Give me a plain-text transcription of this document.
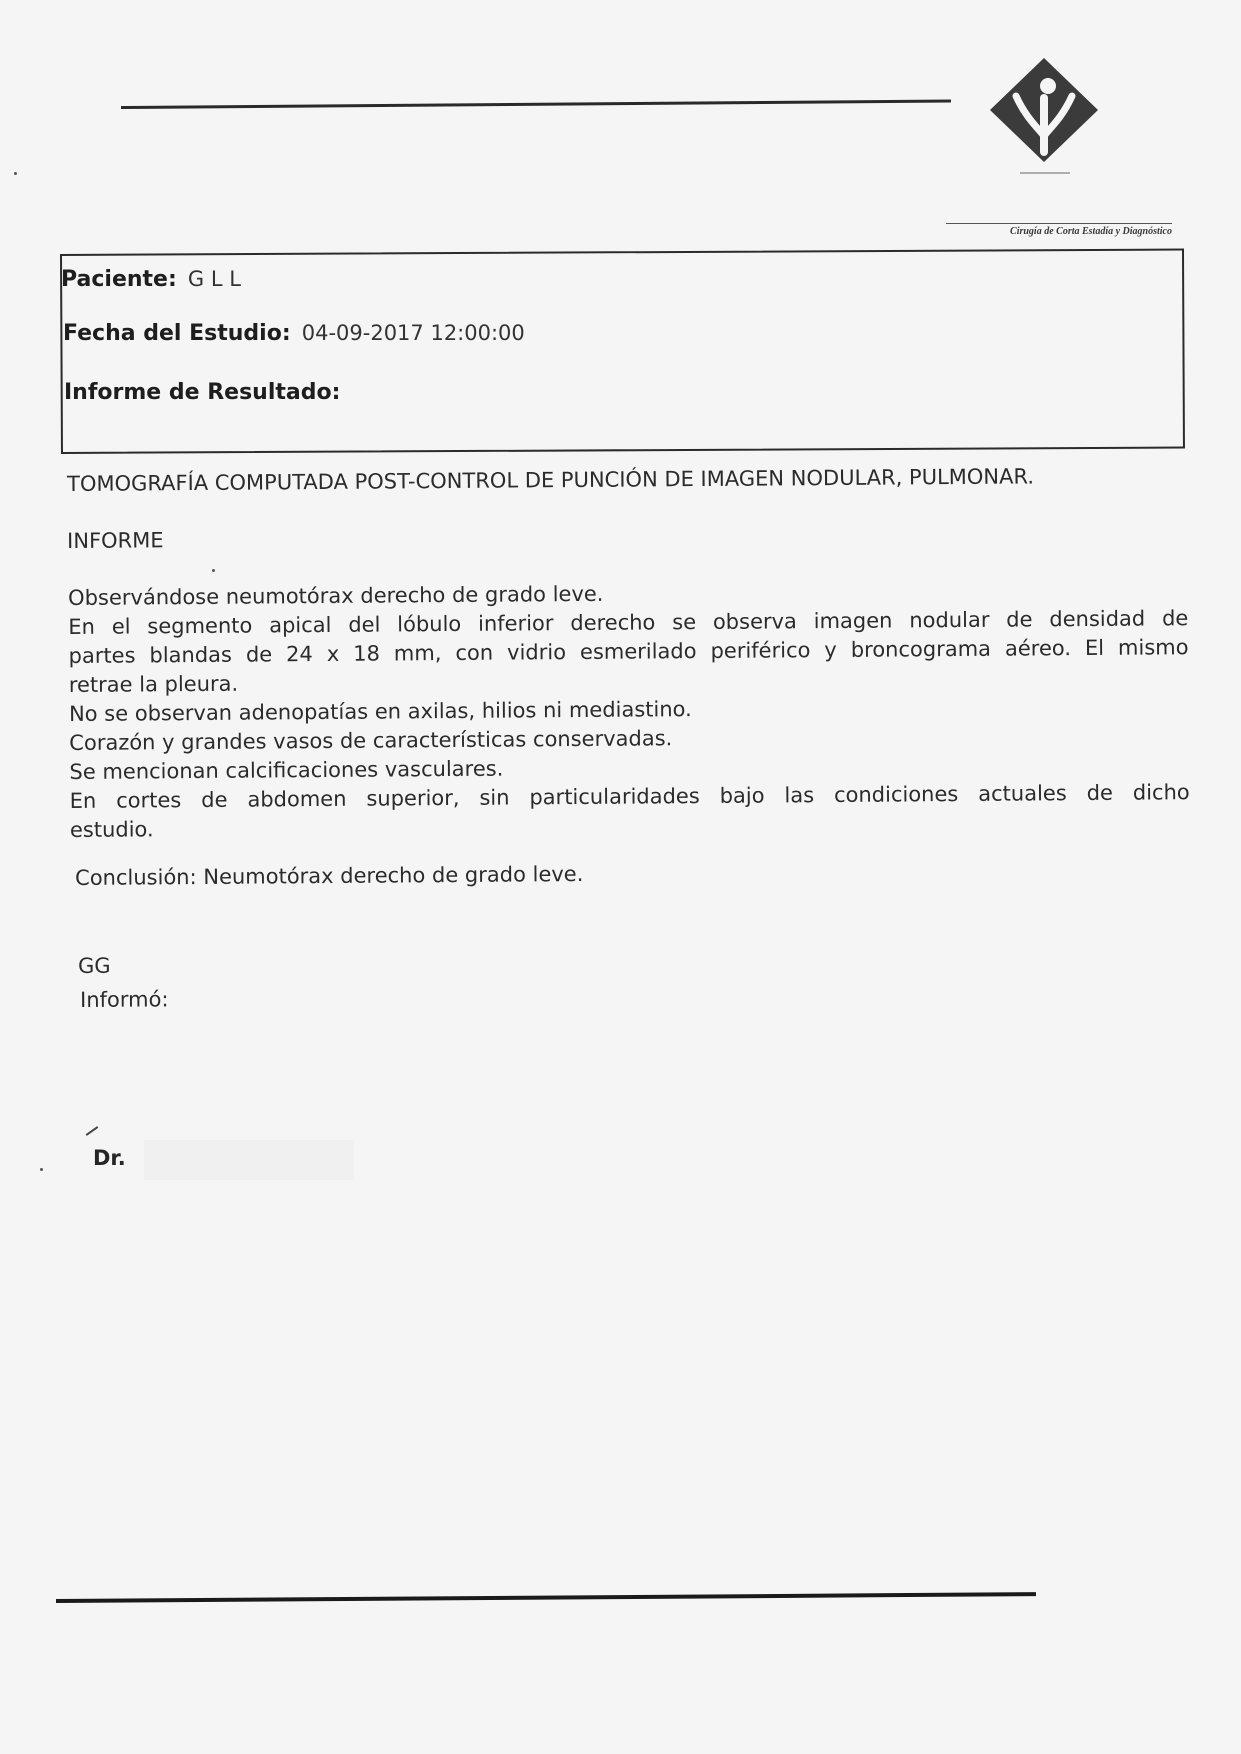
Cirugía de Corta Estadía y Diagnóstico
Paciente: G L L
Fecha del Estudio: 04-09-2017 12:00:00
Informe de Resultado:
TOMOGRAFÍA COMPUTADA POST-CONTROL DE PUNCIÓN DE IMAGEN NODULAR, PULMONAR.
INFORME
Observándose neumotórax derecho de grado leve.
En el segmento apical del lóbulo inferior derecho se observa imagen nodular de densidad de
partes blandas de 24 x 18 mm, con vidrio esmerilado periférico y broncograma aéreo. El mismo
retrae la pleura.
No se observan adenopatías en axilas, hilios ni mediastino.
Corazón y grandes vasos de características conservadas.
Se mencionan calcificaciones vasculares.
En cortes de abdomen superior, sin particularidades bajo las condiciones actuales de dicho
estudio.
Conclusión: Neumotórax derecho de grado leve.
GG
Informó:
Dr.
